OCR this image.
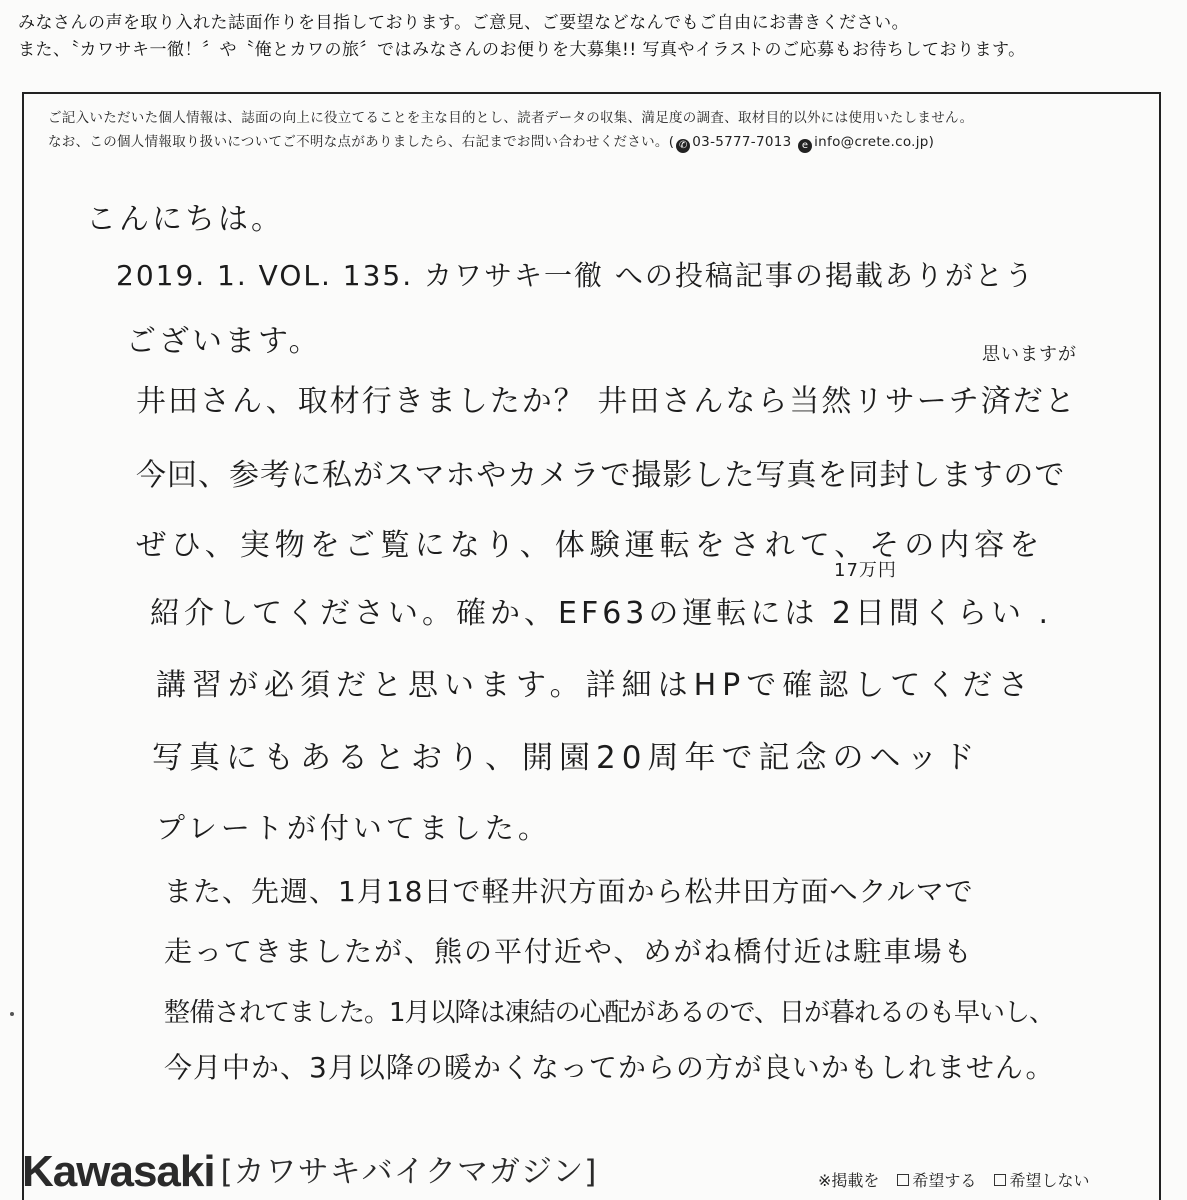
みなさんの声を取り入れた誌面作りを目指しております。ご意見、ご要望などなんでもご自由にお書きください。
また、〝カワサキ一徹！〞や〝俺とカワの旅〞ではみなさんのお便りを大募集!! 写真やイラストのご応募もお待ちしております。
ご記入いただいた個人情報は、誌面の向上に役立てることを主な目的とし、読者データの収集、満足度の調査、取材目的以外には使用いたしません。
なお、この個人情報取り扱いについてご不明な点がありましたら、右記までお問い合わせください。( ✆ 03-5777-7013 e info@crete.co.jp)
こんにちは。
2019. 1. VOL. 135. カワサキ一徹 への投稿記事の掲載ありがとう
ございます。	思いますが
井田さん、取材行きましたか？ 井田さんなら当然リサーチ済だと
今回、参考に私がスマホやカメラで撮影した写真を同封しますので
ぜひ、実物をご覧になり、体験運転をされて、その内容を
17万円
紹介してください。確か、EF63の運転には 2日間くらい .
講習が必須だと思います。詳細はHPで確認してくださ
写真にもあるとおり、開園20周年で記念のヘッド
プレートが付いてました。
また、先週、1月18日で軽井沢方面から松井田方面へクルマで
走ってきましたが、熊の平付近や、めがね橋付近は駐車場も
整備されてました。1月以降は凍結の心配があるので、日が暮れるのも早いし、
今月中か、3月以降の暖かくなってからの方が良いかもしれません。
Kawasaki [カワサキバイクマガジン]	※掲載を 希望する 希望しない
